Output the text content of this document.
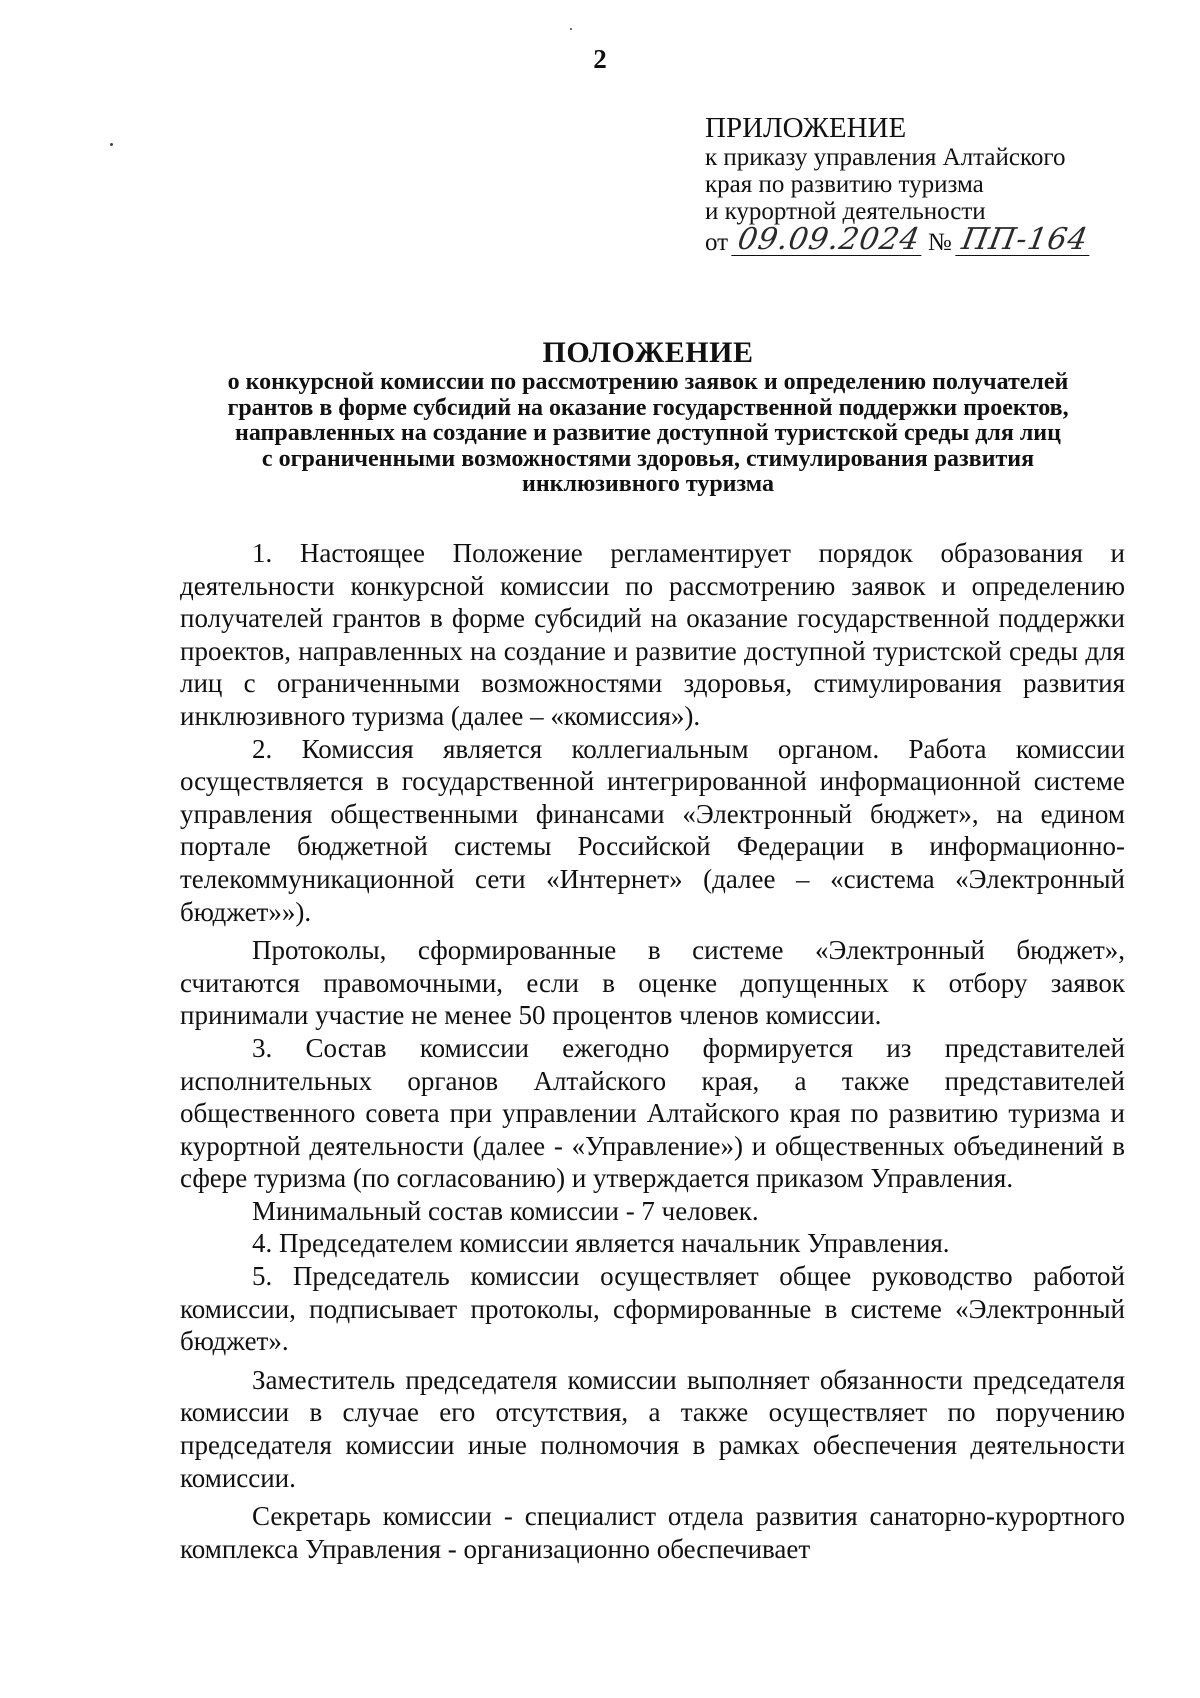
2
ПРИЛОЖЕНИЕ
к приказу управления Алтайского
края по развитию туризма
и курортной деятельности
от 09.09.2024 № ПП-164
ПОЛОЖЕНИЕ
о конкурсной комиссии по рассмотрению заявок и определению получателей
грантов в форме субсидий на оказание государственной поддержки проектов,
направленных на создание и развитие доступной туристской среды для лиц
с ограниченными возможностями здоровья, стимулирования развития
инклюзивного туризма

1. Настоящее Положение регламентирует порядок образования и деятельности конкурсной комиссии по рассмотрению заявок и определению получателей грантов в форме субсидий на оказание государственной поддержки проектов, направленных на создание и развитие доступной туристской среды для лиц с ограниченными возможностями здоровья, стимулирования развития инклюзивного туризма (далее – «комиссия»).

2. Комиссия является коллегиальным органом. Работа комиссии осуществляется в государственной интегрированной информационной системе управления общественными финансами «Электронный бюджет», на едином портале бюджетной системы Российской Федерации в информационно-телекоммуникационной сети «Интернет» (далее – «система «Электронный бюджет»»).

Протоколы, сформированные в системе «Электронный бюджет», считаются правомочными, если в оценке допущенных к отбору заявок принимали участие не менее 50 процентов членов комиссии.

3. Состав комиссии ежегодно формируется из представителей исполнительных органов Алтайского края, а также представителей общественного совета при управлении Алтайского края по развитию туризма и курортной деятельности (далее - «Управление») и общественных объединений в сфере туризма (по согласованию) и утверждается приказом Управления.

Минимальный состав комиссии - 7 человек.

4. Председателем комиссии является начальник Управления.

5. Председатель комиссии осуществляет общее руководство работой комиссии, подписывает протоколы, сформированные в системе «Электронный бюджет».

Заместитель председателя комиссии выполняет обязанности председателя комиссии в случае его отсутствия, а также осуществляет по поручению председателя комиссии иные полномочия в рамках обеспечения деятельности комиссии.

Секретарь комиссии - специалист отдела развития санаторно-курортного комплекса Управления - организационно обеспечивает
